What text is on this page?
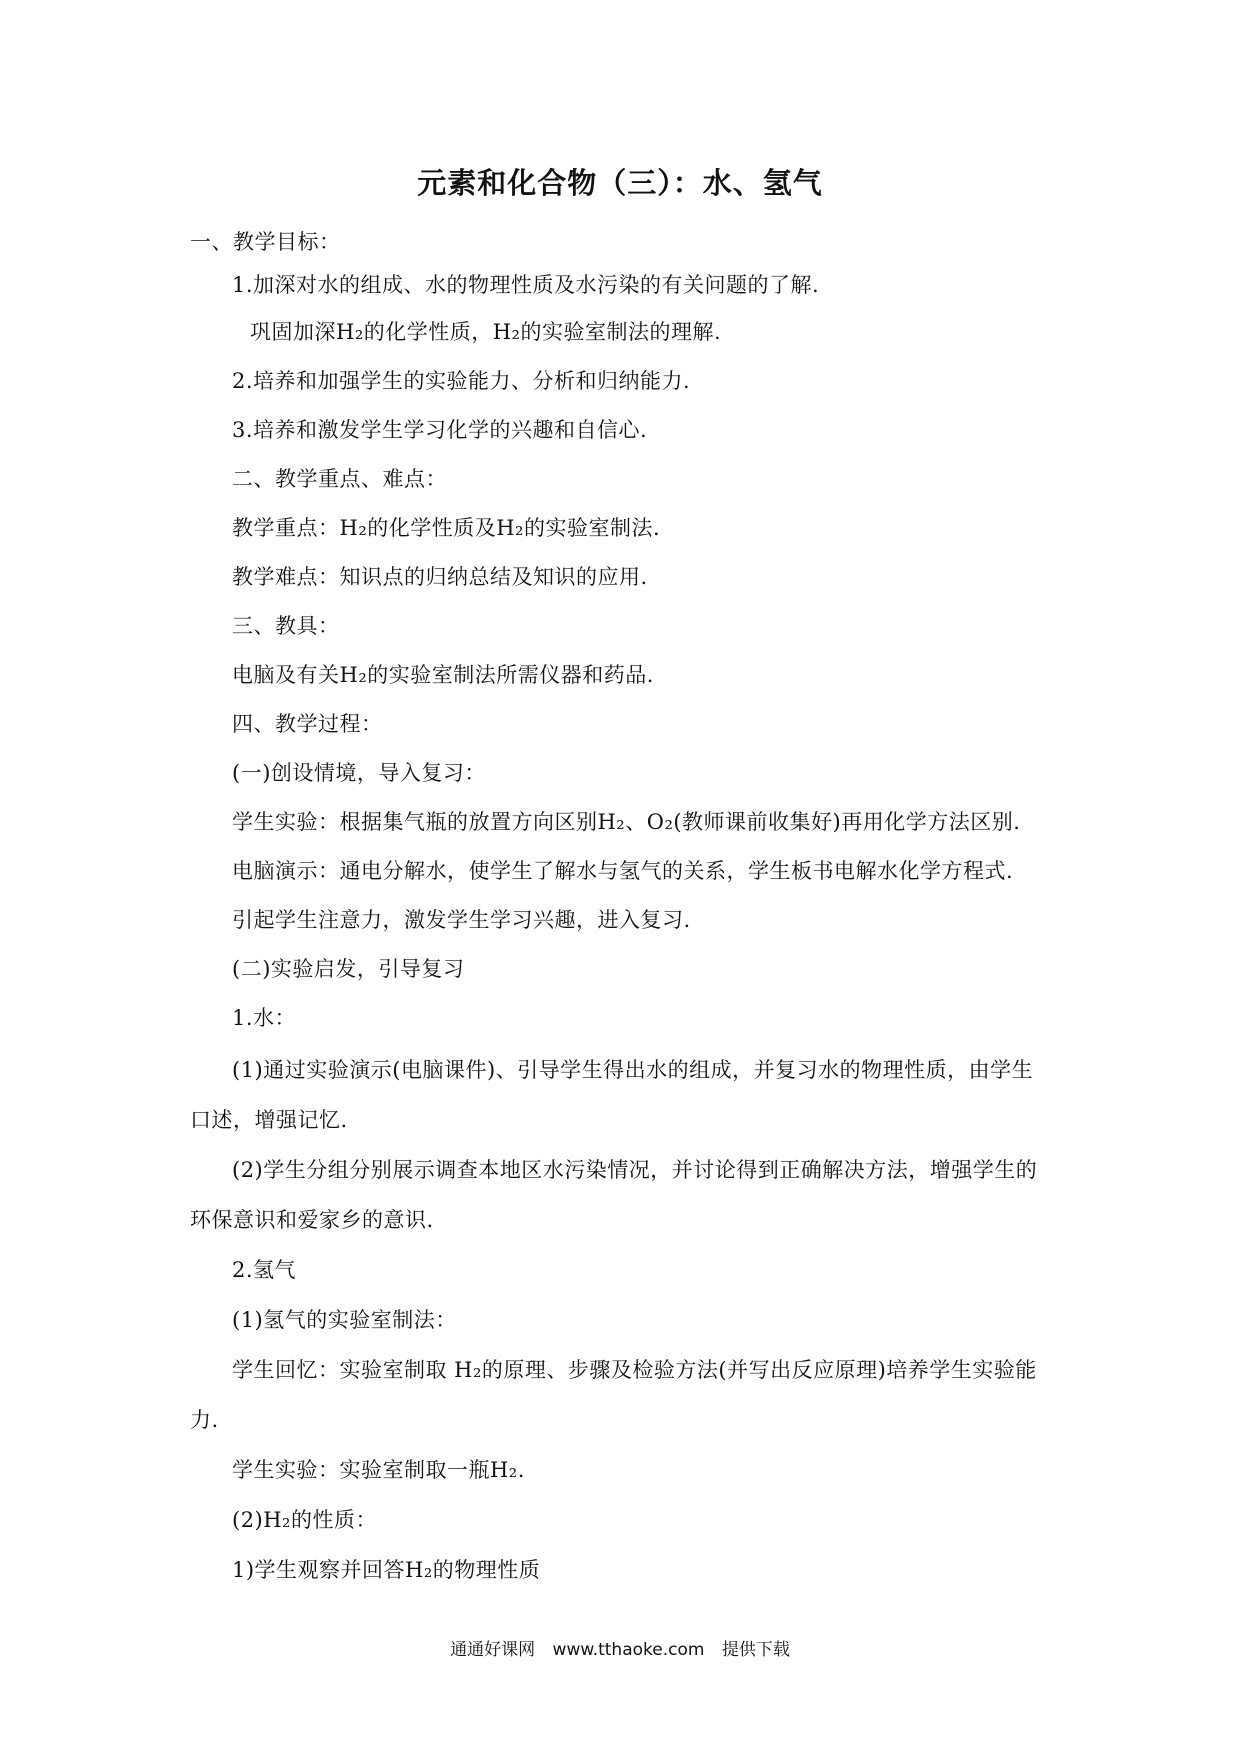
元素和化合物（三）：水、氢气
一、教学目标：
1.加深对水的组成、水的物理性质及水污染的有关问题的了解.
巩固加深H₂的化学性质，H₂的实验室制法的理解.
2.培养和加强学生的实验能力、分析和归纳能力.
3.培养和激发学生学习化学的兴趣和自信心.
二、教学重点、难点：
教学重点：H₂的化学性质及H₂的实验室制法.
教学难点：知识点的归纳总结及知识的应用.
三、教具：
电脑及有关H₂的实验室制法所需仪器和药品.
四、教学过程：
(一)创设情境，导入复习：
学生实验：根据集气瓶的放置方向区别H₂、O₂(教师课前收集好)再用化学方法区别.
电脑演示：通电分解水，使学生了解水与氢气的关系，学生板书电解水化学方程式.
引起学生注意力，激发学生学习兴趣，进入复习.
(二)实验启发，引导复习
1.水：
(1)通过实验演示(电脑课件)、引导学生得出水的组成，并复习水的物理性质，由学生
口述，增强记忆.
(2)学生分组分别展示调查本地区水污染情况，并讨论得到正确解决方法，增强学生的
环保意识和爱家乡的意识.
2.氢气
(1)氢气的实验室制法：
学生回忆：实验室制取 H₂的原理、步骤及检验方法(并写出反应原理)培养学生实验能
力.
学生实验：实验室制取一瓶H₂.
(2)H₂的性质：
1)学生观察并回答H₂的物理性质
通通好课网 www.tthaoke.com 提供下载
